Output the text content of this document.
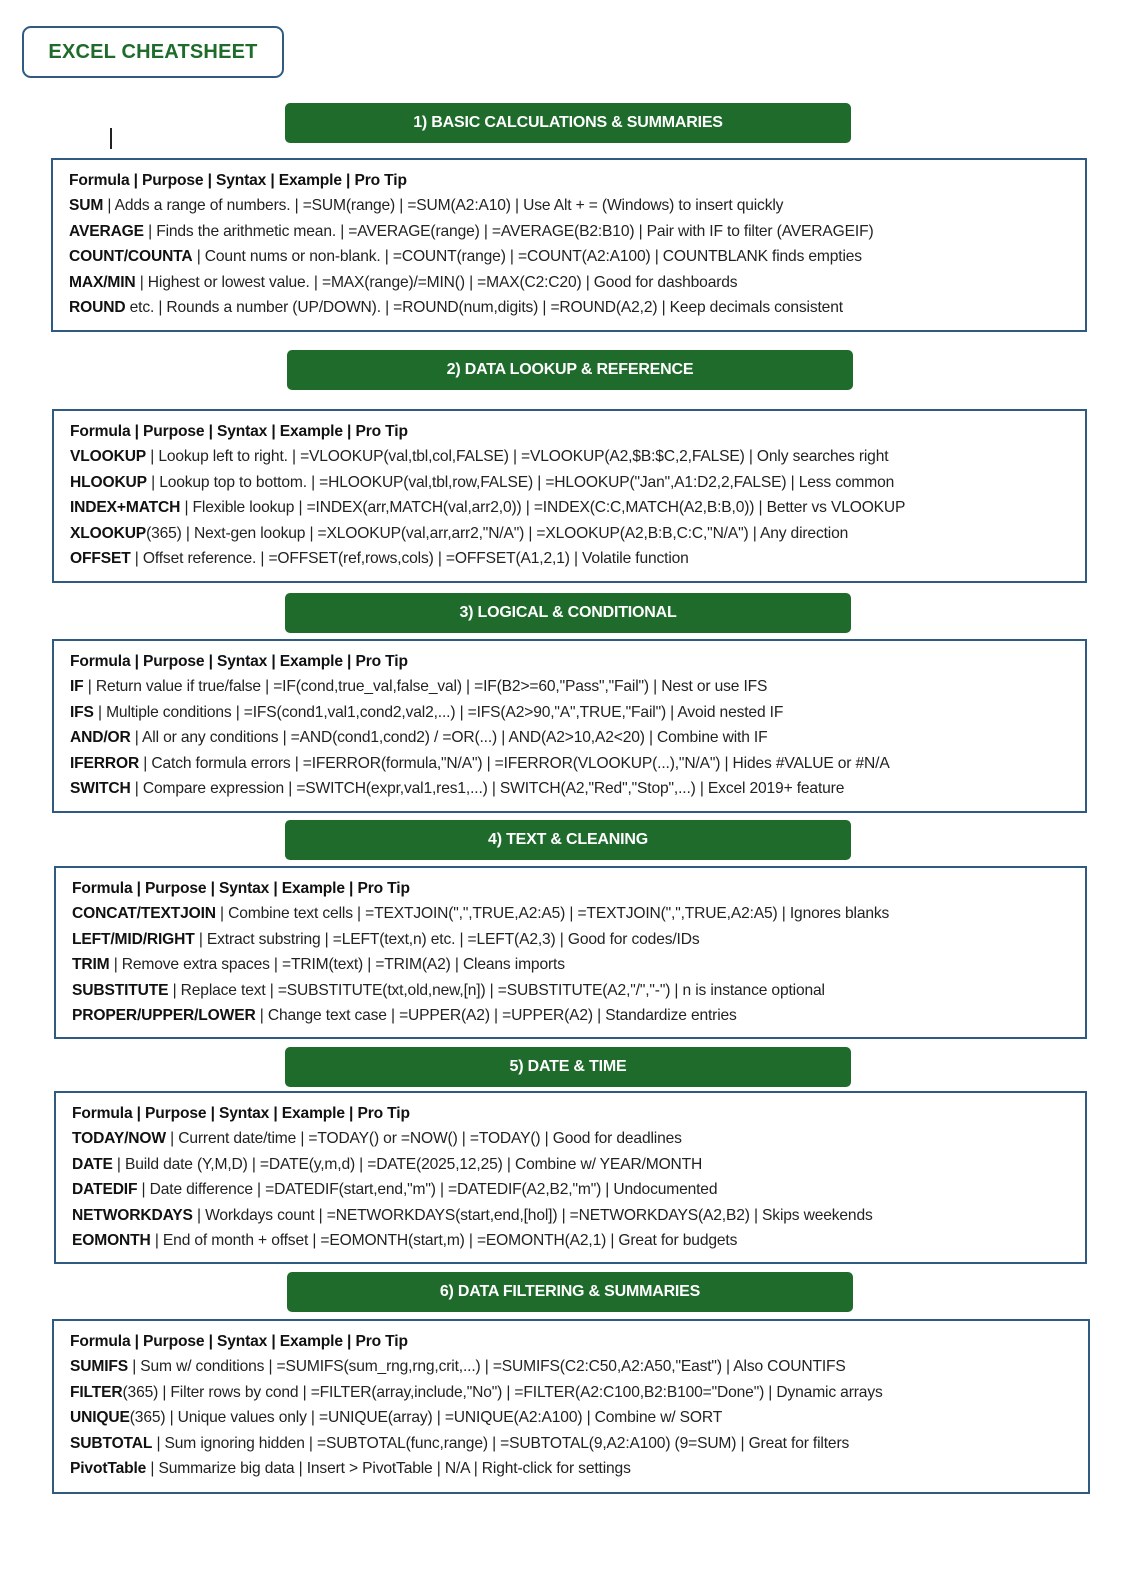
EXCEL CHEATSHEET
1) BASIC CALCULATIONS & SUMMARIES
Formula | Purpose | Syntax | Example | Pro Tip
SUM | Adds a range of numbers. | =SUM(range) | =SUM(A2:A10) | Use Alt + = (Windows) to insert quickly
AVERAGE | Finds the arithmetic mean. | =AVERAGE(range) | =AVERAGE(B2:B10) | Pair with IF to filter (AVERAGEIF)
COUNT/COUNTA | Count nums or non-blank. | =COUNT(range) | =COUNT(A2:A100) | COUNTBLANK finds empties
MAX/MIN | Highest or lowest value. | =MAX(range)/=MIN() | =MAX(C2:C20) | Good for dashboards
ROUND etc. | Rounds a number (UP/DOWN). | =ROUND(num,digits) | =ROUND(A2,2) | Keep decimals consistent
2) DATA LOOKUP & REFERENCE
Formula | Purpose | Syntax | Example | Pro Tip
VLOOKUP | Lookup left to right. | =VLOOKUP(val,tbl,col,FALSE) | =VLOOKUP(A2,$B:$C,2,FALSE) | Only searches right
HLOOKUP | Lookup top to bottom. | =HLOOKUP(val,tbl,row,FALSE) | =HLOOKUP("Jan",A1:D2,2,FALSE) | Less common
INDEX+MATCH | Flexible lookup | =INDEX(arr,MATCH(val,arr2,0)) | =INDEX(C:C,MATCH(A2,B:B,0)) | Better vs VLOOKUP
XLOOKUP(365) | Next-gen lookup | =XLOOKUP(val,arr,arr2,"N/A") | =XLOOKUP(A2,B:B,C:C,"N/A") | Any direction
OFFSET | Offset reference. | =OFFSET(ref,rows,cols) | =OFFSET(A1,2,1) | Volatile function
3) LOGICAL & CONDITIONAL
Formula | Purpose | Syntax | Example | Pro Tip
IF | Return value if true/false | =IF(cond,true_val,false_val) | =IF(B2>=60,"Pass","Fail") | Nest or use IFS
IFS | Multiple conditions | =IFS(cond1,val1,cond2,val2,...) | =IFS(A2>90,"A",TRUE,"Fail") | Avoid nested IF
AND/OR | All or any conditions | =AND(cond1,cond2) / =OR(...) | AND(A2>10,A2<20) | Combine with IF
IFERROR | Catch formula errors | =IFERROR(formula,"N/A") | =IFERROR(VLOOKUP(...),"N/A") | Hides #VALUE or #N/A
SWITCH | Compare expression | =SWITCH(expr,val1,res1,...) | SWITCH(A2,"Red","Stop",...) | Excel 2019+ feature
4) TEXT & CLEANING
Formula | Purpose | Syntax | Example | Pro Tip
CONCAT/TEXTJOIN | Combine text cells | =TEXTJOIN(",",TRUE,A2:A5) | =TEXTJOIN(",",TRUE,A2:A5) | Ignores blanks
LEFT/MID/RIGHT | Extract substring | =LEFT(text,n) etc. | =LEFT(A2,3) | Good for codes/IDs
TRIM | Remove extra spaces | =TRIM(text) | =TRIM(A2) | Cleans imports
SUBSTITUTE | Replace text | =SUBSTITUTE(txt,old,new,[n]) | =SUBSTITUTE(A2,"/","-") | n is instance optional
PROPER/UPPER/LOWER | Change text case | =UPPER(A2) | =UPPER(A2) | Standardize entries
5) DATE & TIME
Formula | Purpose | Syntax | Example | Pro Tip
TODAY/NOW | Current date/time | =TODAY() or =NOW() | =TODAY() | Good for deadlines
DATE | Build date (Y,M,D) | =DATE(y,m,d) | =DATE(2025,12,25) | Combine w/ YEAR/MONTH
DATEDIF | Date difference | =DATEDIF(start,end,"m") | =DATEDIF(A2,B2,"m") | Undocumented
NETWORKDAYS | Workdays count | =NETWORKDAYS(start,end,[hol]) | =NETWORKDAYS(A2,B2) | Skips weekends
EOMONTH | End of month + offset | =EOMONTH(start,m) | =EOMONTH(A2,1) | Great for budgets
6) DATA FILTERING & SUMMARIES
Formula | Purpose | Syntax | Example | Pro Tip
SUMIFS | Sum w/ conditions | =SUMIFS(sum_rng,rng,crit,...) | =SUMIFS(C2:C50,A2:A50,"East") | Also COUNTIFS
FILTER(365) | Filter rows by cond | =FILTER(array,include,"No") | =FILTER(A2:C100,B2:B100="Done") | Dynamic arrays
UNIQUE(365) | Unique values only | =UNIQUE(array) | =UNIQUE(A2:A100) | Combine w/ SORT
SUBTOTAL | Sum ignoring hidden | =SUBTOTAL(func,range) | =SUBTOTAL(9,A2:A100) (9=SUM) | Great for filters
PivotTable | Summarize big data | Insert > PivotTable | N/A | Right-click for settings
